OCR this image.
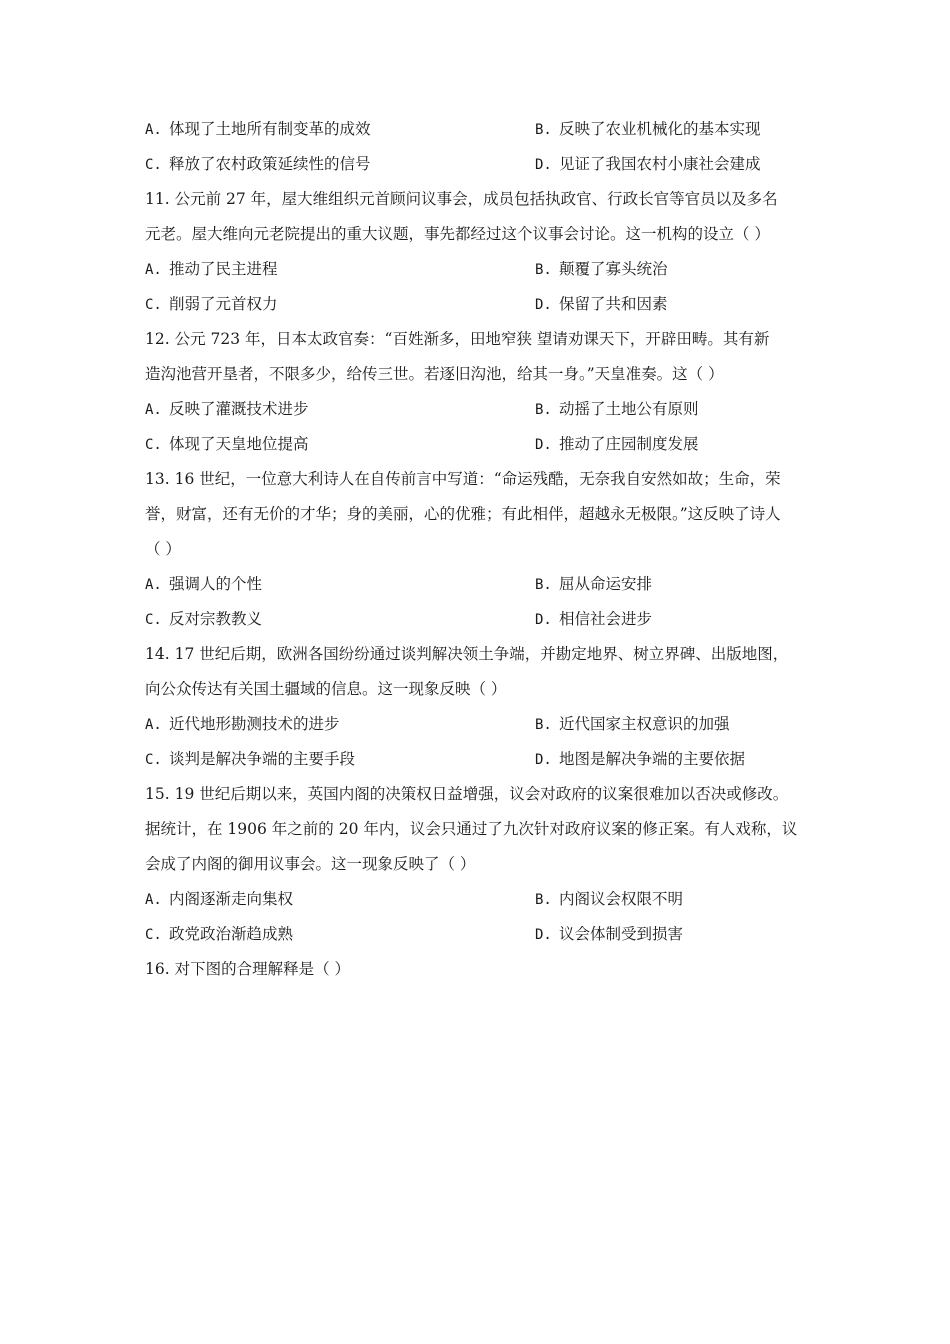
A. 体现了土地所有制变革的成效	B. 反映了农业机械化的基本实现
C. 释放了农村政策延续性的信号	D. 见证了我国农村小康社会建成
11. 公元前 27 年，屋大维组织元首顾问议事会，成员包括执政官、行政长官等官员以及多名
元老。屋大维向元老院提出的重大议题，事先都经过这个议事会讨论。这一机构的设立（ ）
A. 推动了民主进程	B. 颠覆了寡头统治
C. 削弱了元首权力	D. 保留了共和因素
12. 公元 723 年，日本太政官奏：“百姓渐多，田地窄狭 望请劝课天下，开辟田畴。其有新
造沟池营开垦者，不限多少，给传三世。若逐旧沟池，给其一身。”天皇准奏。这（ ）
A. 反映了灌溉技术进步	B. 动摇了土地公有原则
C. 体现了天皇地位提高	D. 推动了庄园制度发展
13. 16 世纪，一位意大利诗人在自传前言中写道：“命运残酷，无奈我自安然如故；生命，荣
誉，财富，还有无价的才华；身的美丽，心的优雅；有此相伴，超越永无极限。”这反映了诗人
（ ）
A. 强调人的个性	B. 屈从命运安排
C. 反对宗教教义	D. 相信社会进步
14. 17 世纪后期，欧洲各国纷纷通过谈判解决领土争端，并勘定地界、树立界碑、出版地图，
向公众传达有关国土疆域的信息。这一现象反映（ ）
A. 近代地形勘测技术的进步	B. 近代国家主权意识的加强
C. 谈判是解决争端的主要手段	D. 地图是解决争端的主要依据
15. 19 世纪后期以来，英国内阁的决策权日益增强，议会对政府的议案很难加以否决或修改。
据统计，在 1906 年之前的 20 年内，议会只通过了九次针对政府议案的修正案。有人戏称，议
会成了内阁的御用议事会。这一现象反映了（ ）
A. 内阁逐渐走向集权	B. 内阁议会权限不明
C. 政党政治渐趋成熟	D. 议会体制受到损害
16. 对下图的合理解释是（ ）
